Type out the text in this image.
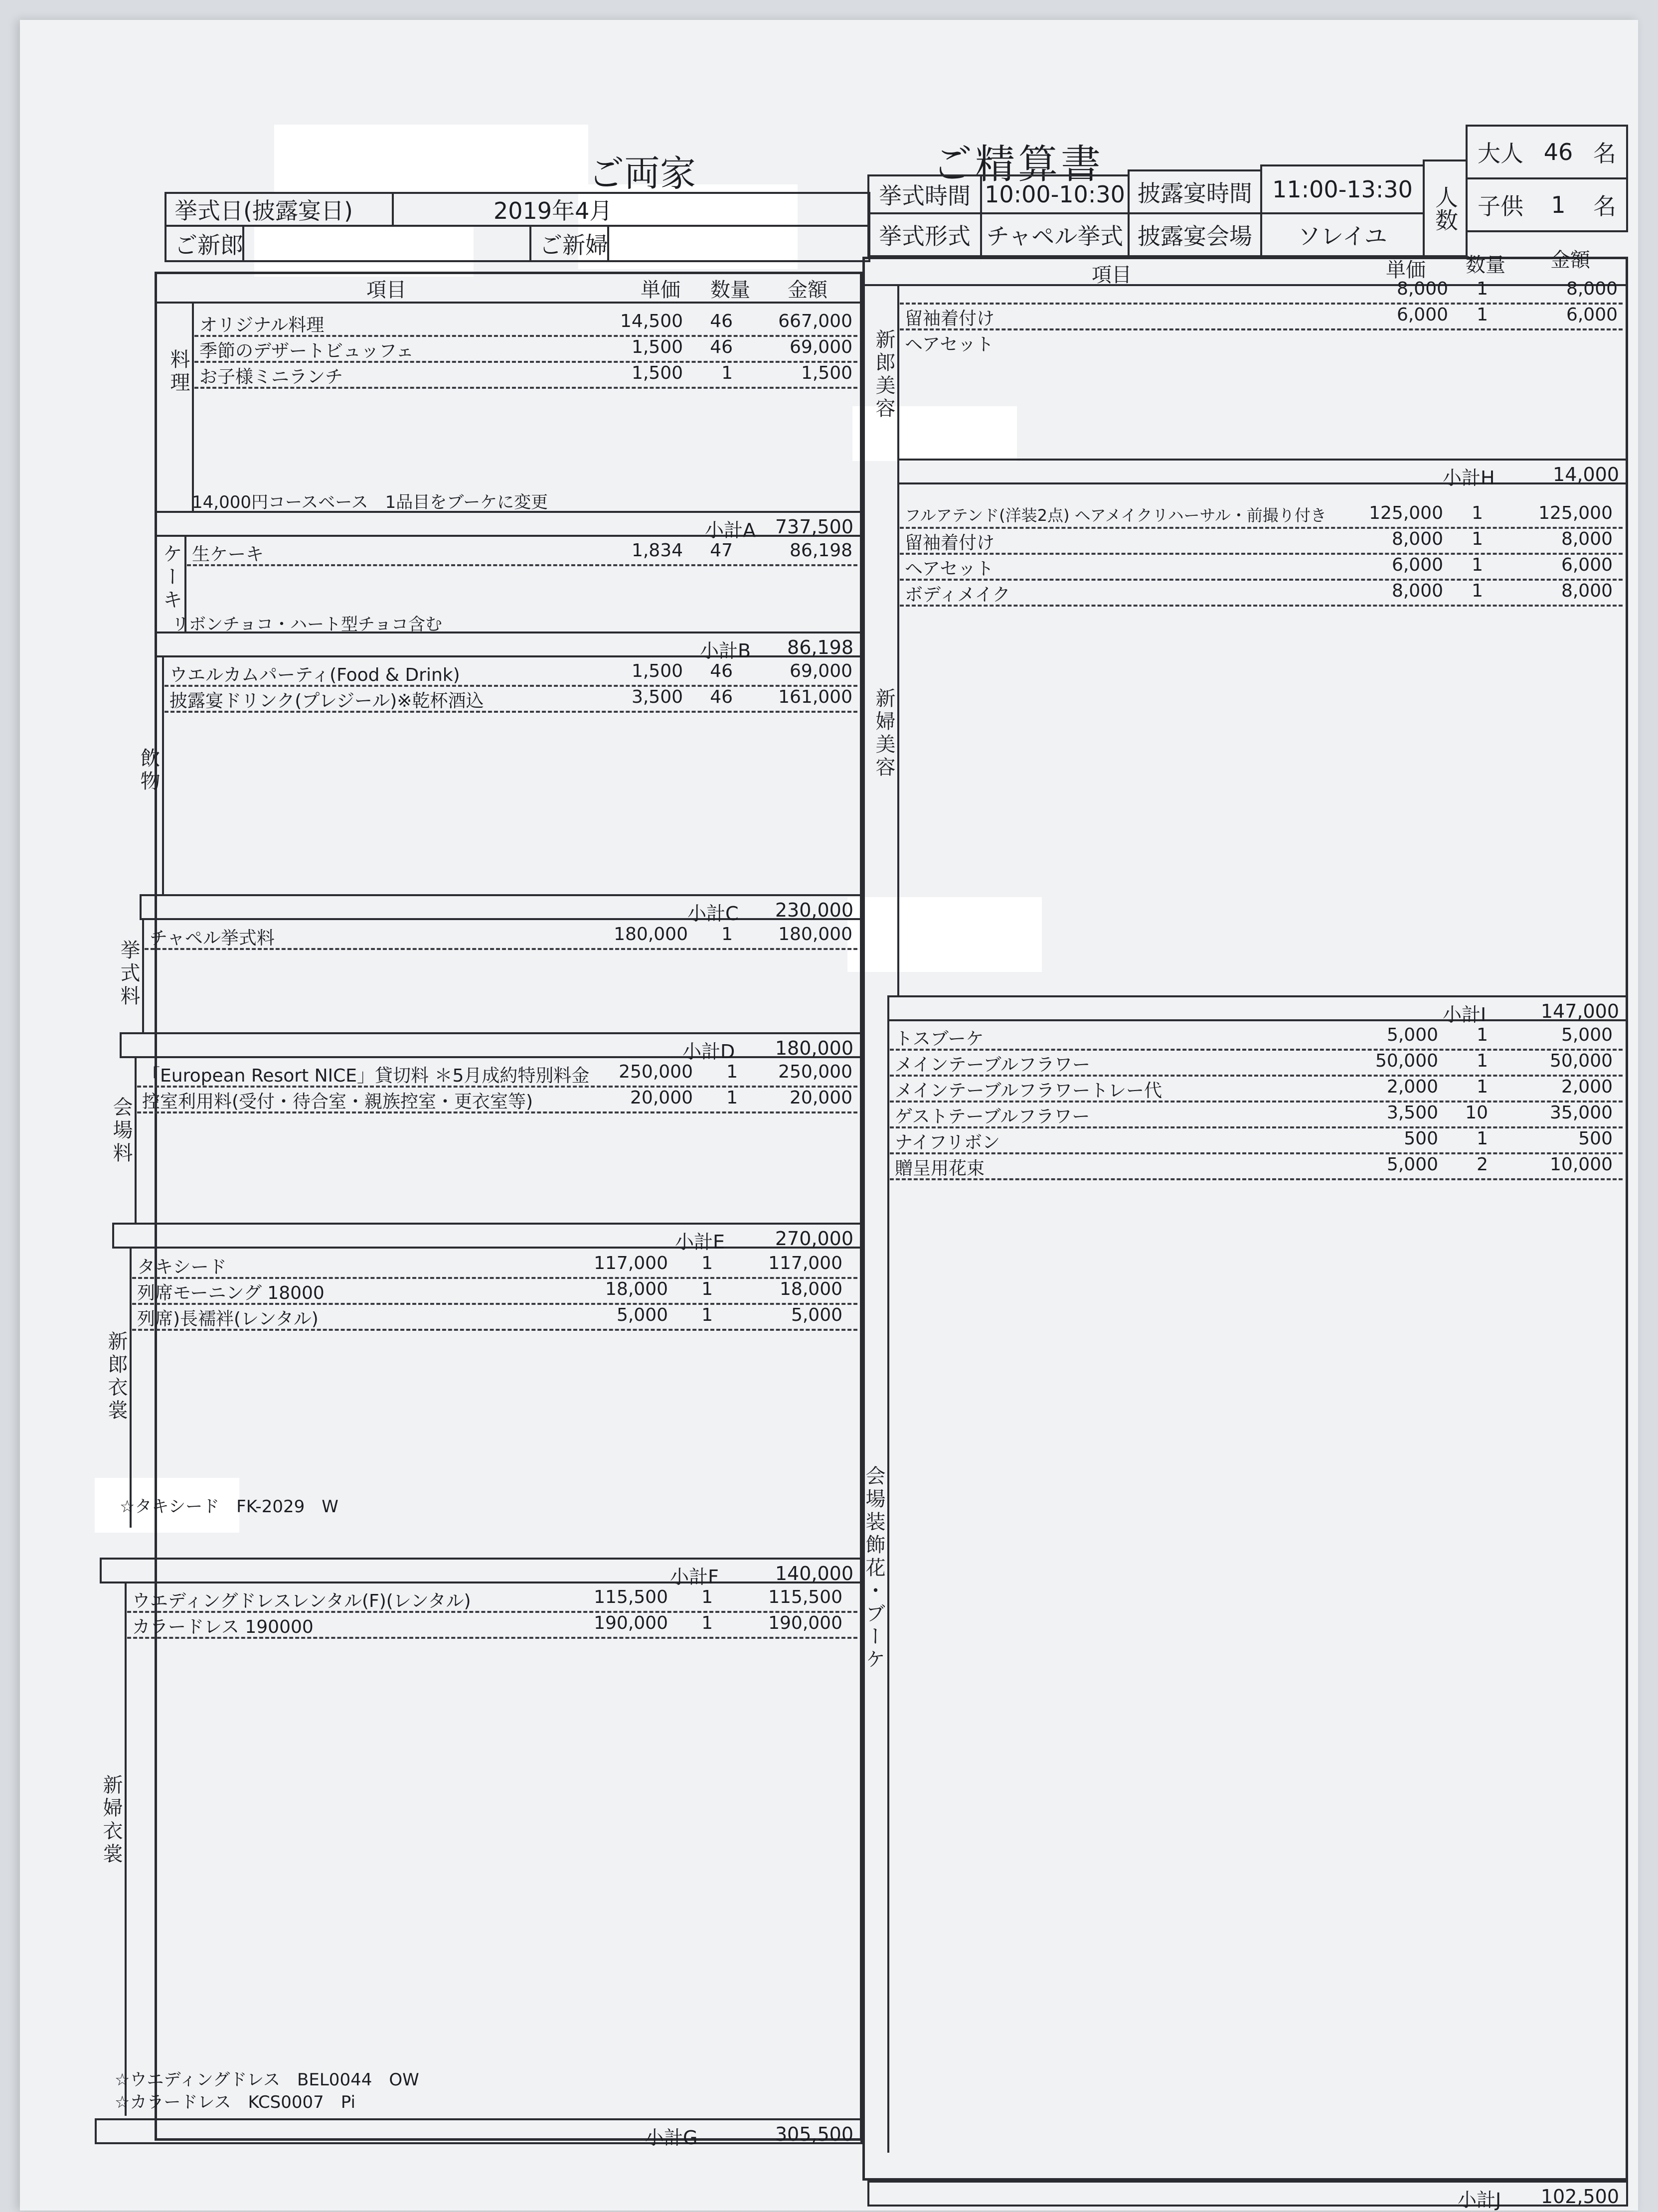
ご両家	ご精算書
挙式日(披露宴日)	2019年4月
ご新郎	ご新婦
挙式時間 10:00-10:30 披露宴時間 11:00-13:30
挙式形式 チャペル挙式 披露宴会場	ソレイユ
人数
大人 46 名
子供 1 名
項目	単価	数量	金額
料理
オリジナル料理	14,500	46	667,000
季節のデザートビュッフェ	1,500	46	69,000
お子様ミニランチ	1,500	1	1,500
14,000円コースベース　1品目をブーケに変更
小計A 737,500
ケーキ 生ケーキ	1,834	47	86,198
リボンチョコ・ハート型チョコ含む
小計B 86,198
飲物
ウエルカムパーティ(Food & Drink)	1,500	46	69,000
披露宴ドリンク(プレジール)※乾杯酒込	3,500	46	161,000
小計C 230,000
挙式料
チャペル挙式料	180,000	1	180,000
小計D 180,000
会場料
「European Resort NICE」貸切料 ＊5月成約特別料金	250,000	1	250,000
控室利用料(受付・待合室・親族控室・更衣室等)	20,000	1	20,000
小計E	270,000
新郎衣裳
タキシード	117,000	1	117,000
列席モーニング 18000	18,000	1	18,000
列席)長襦袢(レンタル)	5,000	1	5,000
☆タキシード　FK-2029　W
小計F	140,000
新婦衣裳
ウエディングドレスレンタル(F)(レンタル)	115,500	1	115,500
カラードレス 190000	190,000	1	190,000
☆ウエディングドレス　BEL0044　OW
☆カラードレス　KCS0007　Pi
小計G	305,500
項目	単価	数量	金額
新郎美容
8,000	1	8,000
留袖着付け	6,000	1	6,000
ヘアセット
小計H	14,000
新婦美容
フルアテンド(洋装2点) ヘアメイクリハーサル・前撮り付き	125,000	1	125,000
留袖着付け	8,000	1	8,000
ヘアセット	6,000	1	6,000
ボディメイク	8,000	1	8,000
小計I	147,000
会場装飾花・ブーケ
トスブーケ	5,000	1	5,000
メインテーブルフラワー	50,000	1	50,000
メインテーブルフラワートレー代	2,000	1	2,000
ゲストテーブルフラワー	3,500	10	35,000
ナイフリボン	500	1	500
贈呈用花束	5,000	2	10,000
小計J 102,500
